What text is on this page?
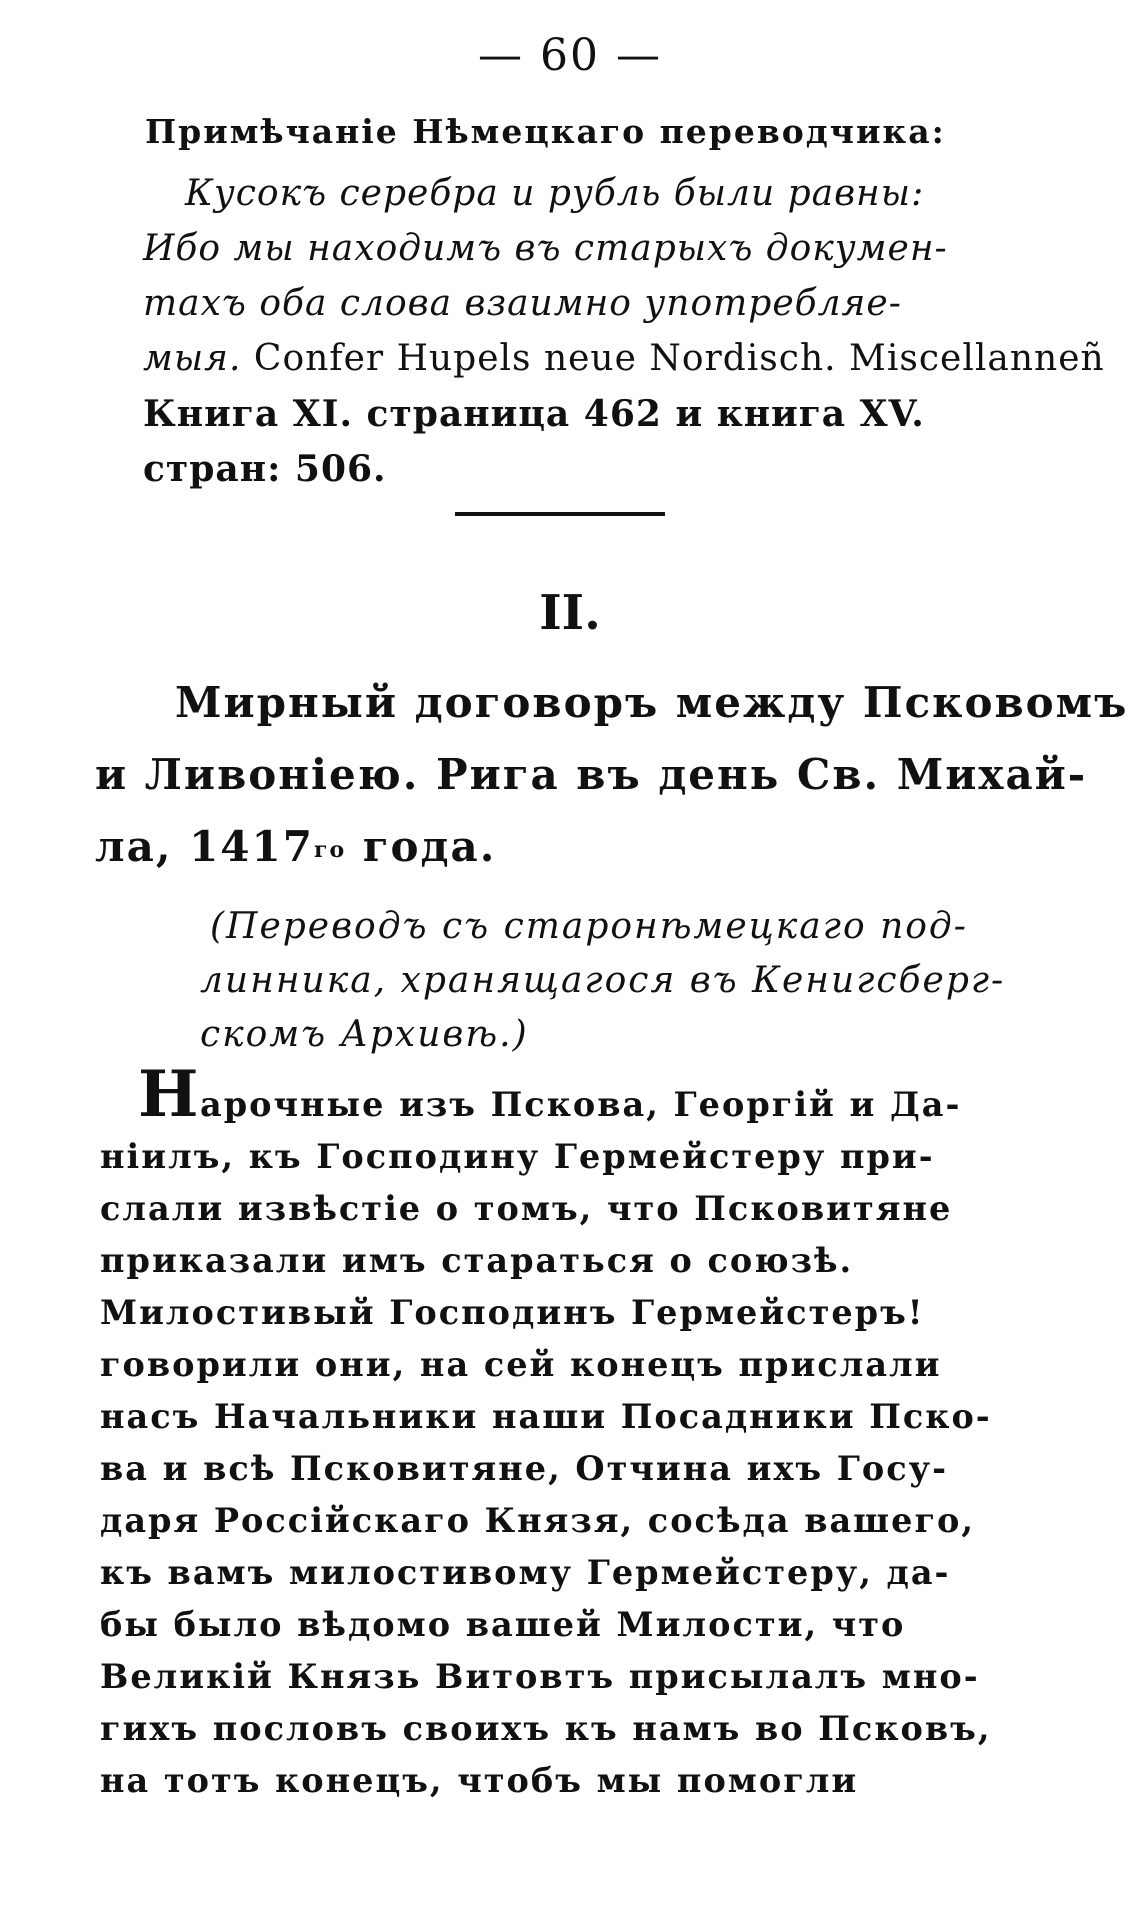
— 60 —

Примѣчаніе Нѣмецкаго переводчика:

Кусокъ серебра и рубль были равны:

Ибо мы находимъ въ старыхъ докумен-

тахъ оба слова взаимно употребляе-

мыя. Confer Hupels neue Nordisch. Miscellanneñ

Книга XI. страница 462 и книга XV.

стран: 506.

II.

Мирный договоръ между Псковомъ

и Ливоніею. Рига въ день Св. Михай-

ла, 1417го года.

(Переводъ съ старонѣмецкаго под-

линника, хранящагося въ Кенигсберг-

скомъ Архивѣ.)

Н арочные изъ Пскова, Георгій и Да-

ніилъ, къ Господину Гермейстеру при-

слали извѣстіе о томъ, что Псковитяне

приказали имъ стараться о союзѣ.

Милостивый Господинъ Гермейстеръ!

говорили они, на сей конецъ прислали

насъ Начальники наши Посадники Пско-

ва и всѣ Псковитяне, Отчина ихъ Госу-

даря Россійскаго Князя, сосѣда вашего,

къ вамъ милостивому Гермейстеру, да-

бы было вѣдомо вашей Милости, что

Великій Князь Витовтъ присылалъ мно-

гихъ пословъ своихъ къ намъ во Псковъ,

на тотъ конецъ, чтобъ мы помогли
